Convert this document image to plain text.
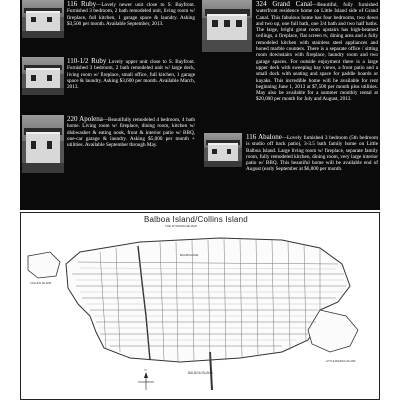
116 Ruby—Lovely newer unit close to S. Bayfront. Furnished 3 bedroom, 2 bath remodeled unit, living room w/ fireplace, full kitchen, 1 garage space & laundry. Asking $3,500 per month. Available September, 2013.
110-1/2 Ruby Lovely upper unit close to S. Bayfront. Furnished 3 bedroom, 2 bath remodeled unit w/ large deck, living room w/ fireplace, small office, full kitchen, 1 garage space & laundry. Asking $3,600 per month. Available March, 2013.
220 Apolena—Beautifully remodeled 4 bedroom, 4 bath home. Living room w/ fireplace, dining room, kitchen w/ dishwasher & eating nook, front & interior patio w/ BBQ, one-car garage & laundry. Asking $5,000 per month + utilities. Available September through May.
324 Grand Canal—Beautiful, fully furnished waterfront residence home on Little Island side of Grand Canal. This fabulous home has four bedrooms, two down and two up, one full bath, one 3/4 bath and two half baths. The large, bright great room upstairs has high-beamed ceilings, a fireplace, flat screen tv, dining area and a fully remodeled kitchen with stainless steel appliances and honed marble counters. There is a separate office / sitting room downstairs with fireplace, laundry room and two garage spaces. For outside enjoyment there is a large upper deck with sweeping bay views, a front patio and a small dock with seating and space for paddle boards or kayaks. This incredible home will be available for rent beginning June 1, 2013 at $7,500 per month plus utilities. May also be available for a summer monthly rental at $20,000 per month for July and August, 2013.
116 Abalone—Lovely furnished 3 bedroom (5th bedroom is studio off back patio), 3-3.5 bath family home on Little Balboa Island. Large living room w/ fireplace, separate family room, fully remodeled kitchen, dining room, very large interior patio w/ BBQ. This beautiful home will be available end of August (early September at $6,800 per month.
BALBOA AVE
BALBOA ISLAND
COLLINS ISLAND
LITTLE BALBOA ISLAND
N
Balboa Island/Collins Island
THE DYNAMICHE MAP
